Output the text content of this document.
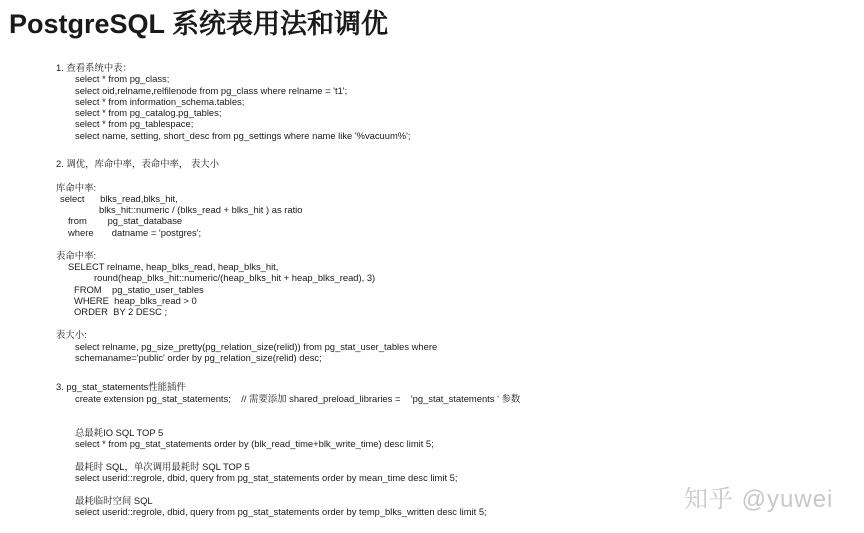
PostgreSQL 系统表用法和调优
1. 查看系统中表：
select * from pg_class;
select oid,relname,relfilenode from pg_class where relname = 't1';
select * from information_schema.tables;
select * from pg_catalog.pg_tables;
select * from pg_tablespace;
select name, setting, short_desc from pg_settings where name like '%vacuum%';
2. 调优，库命中率，表命中率， 表大小
库命中率:
select      blks_read,blks_hit,
blks_hit::numeric / (blks_read + blks_hit ) as ratio
from        pg_stat_database
where       datname = 'postgres';
表命中率:
SELECT relname, heap_blks_read, heap_blks_hit,
round(heap_blks_hit::numeric/(heap_blks_hit + heap_blks_read), 3)
FROM    pg_statio_user_tables
WHERE  heap_blks_read > 0
ORDER  BY 2 DESC ;
表大小:
select relname, pg_size_pretty(pg_relation_size(relid)) from pg_stat_user_tables where
schemaname='public' order by pg_relation_size(relid) desc;
3. pg_stat_statements性能插件
create extension pg_stat_statements;    // 需要添加 shared_preload_libraries =    'pg_stat_statements ' 参数
总最耗IO SQL TOP 5
select * from pg_stat_statements order by (blk_read_time+blk_write_time) desc limit 5;
最耗时 SQL，单次调用最耗时 SQL TOP 5
select userid::regrole, dbid, query from pg_stat_statements order by mean_time desc limit 5;
最耗临时空间 SQL
select userid::regrole, dbid, query from pg_stat_statements order by temp_blks_written desc limit 5;	知乎 @yuwei
